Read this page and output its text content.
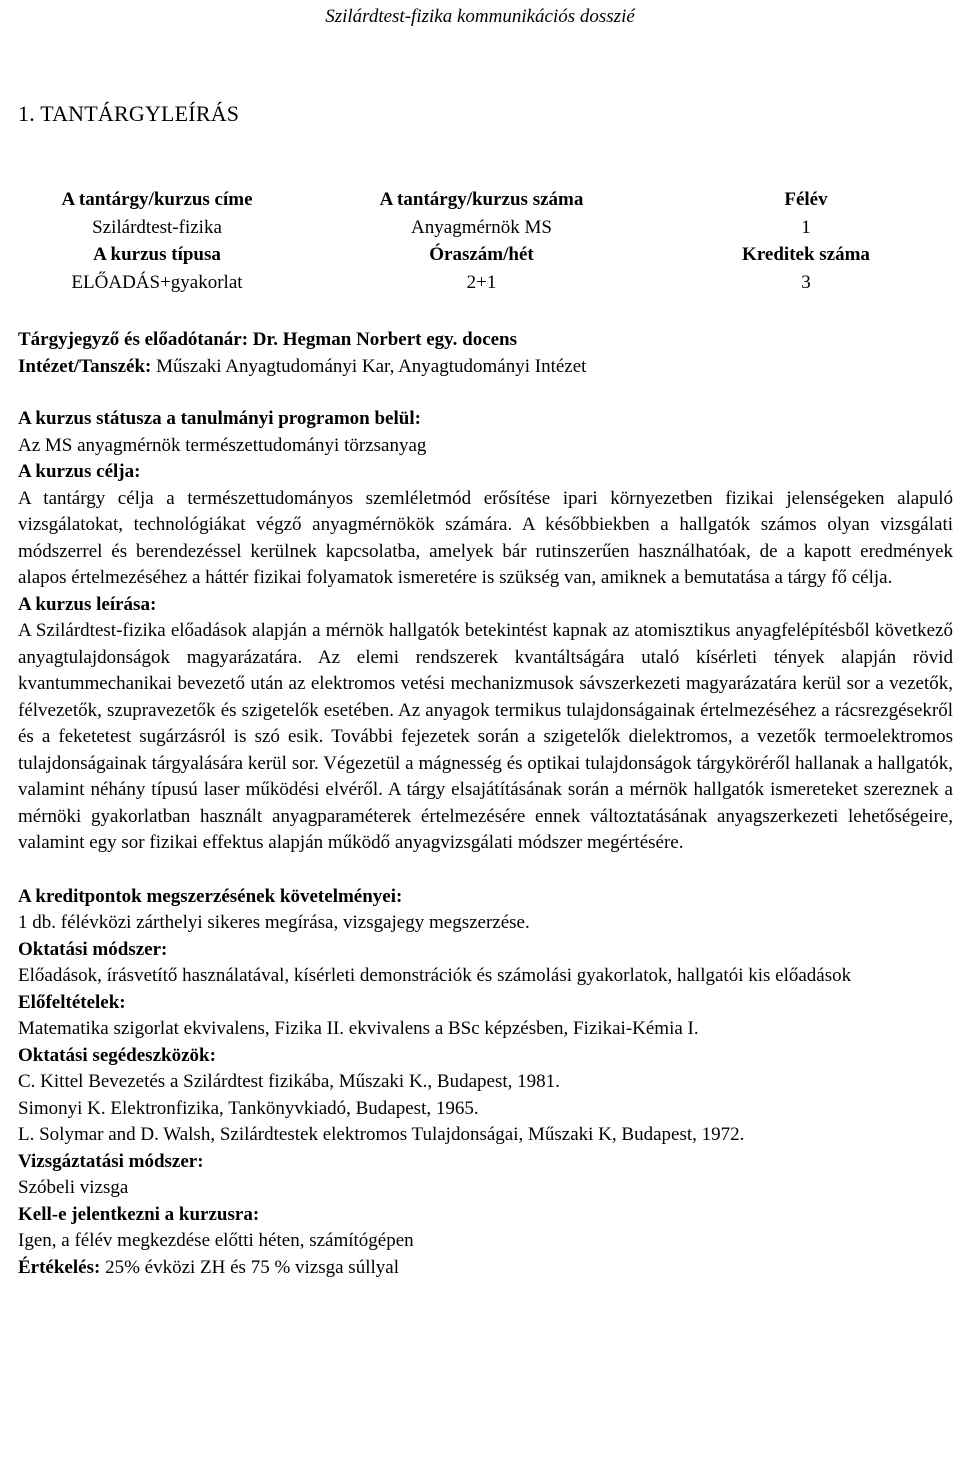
Szilárdtest-fizika kommunikációs dosszié
1. TANTÁRGYLEÍRÁS
A tantárgy/kurzus címe	A tantárgy/kurzus száma	Félév
Szilárdtest-fizika	Anyagmérnök MS	1
A kurzus típusa	Óraszám/hét	Kreditek száma
ELŐADÁS+gyakorlat	2+1	3

Tárgyjegyző és előadótanár: Dr. Hegman Norbert egy. docens

Intézet/Tanszék: Műszaki Anyagtudományi Kar, Anyagtudományi Intézet

A kurzus státusza a tanulmányi programon belül:

Az MS anyagmérnök természettudományi törzsanyag

A kurzus célja:

A tantárgy célja a természettudományos szemléletmód erősítése ipari környezetben fizikai jelenségeken alapuló vizsgálatokat, technológiákat végző anyagmérnökök számára. A későbbiekben a hallgatók számos olyan vizsgálati módszerrel és berendezéssel kerülnek kapcsolatba, amelyek bár rutinszerűen használhatóak, de a kapott eredmények alapos értelmezéséhez a háttér fizikai folyamatok ismeretére is szükség van, amiknek a bemutatása a tárgy fő célja.

A kurzus leírása:

A Szilárdtest-fizika előadások alapján a mérnök hallgatók betekintést kapnak az atomisztikus anyagfelépítésből következő anyagtulajdonságok magyarázatára. Az elemi rendszerek kvantáltságára utaló kísérleti tények alapján rövid kvantummechanikai bevezető után az elektromos vetési mechanizmusok sávszerkezeti magyarázatára kerül sor a vezetők, félvezetők, szupravezetők és szigetelők esetében. Az anyagok termikus tulajdonságainak értelmezéséhez a rácsrezgésekről és a feketetest sugárzásról is szó esik. További fejezetek során a szigetelők dielektromos, a vezetők termoelektromos tulajdonságainak tárgyalására kerül sor. Végezetül a mágnesség és optikai tulajdonságok tárgyköréről hallanak a hallgatók, valamint néhány típusú laser működési elvéről. A tárgy elsajátításának során a mérnök hallgatók ismereteket szereznek a mérnöki gyakorlatban használt anyagparaméterek értelmezésére ennek változtatásának anyagszerkezeti lehetőségeire, valamint egy sor fizikai effektus alapján működő anyagvizsgálati módszer megértésére.

A kreditpontok megszerzésének követelményei:

1 db. félévközi zárthelyi sikeres megírása, vizsgajegy megszerzése.

Oktatási módszer:

Előadások, írásvetítő használatával, kísérleti demonstrációk és számolási gyakorlatok, hallgatói kis előadások

Előfeltételek:

Matematika szigorlat ekvivalens, Fizika II. ekvivalens a BSc képzésben, Fizikai-Kémia I.

Oktatási segédeszközök:

C. Kittel Bevezetés a Szilárdtest fizikába, Műszaki K., Budapest, 1981.

Simonyi K. Elektronfizika, Tankönyvkiadó, Budapest, 1965.

L. Solymar and D. Walsh, Szilárdtestek elektromos Tulajdonságai, Műszaki K, Budapest, 1972.

Vizsgáztatási módszer:

Szóbeli vizsga

Kell-e jelentkezni a kurzusra:

Igen, a félév megkezdése előtti héten, számítógépen

Értékelés: 25% évközi ZH és 75 % vizsga súllyal
